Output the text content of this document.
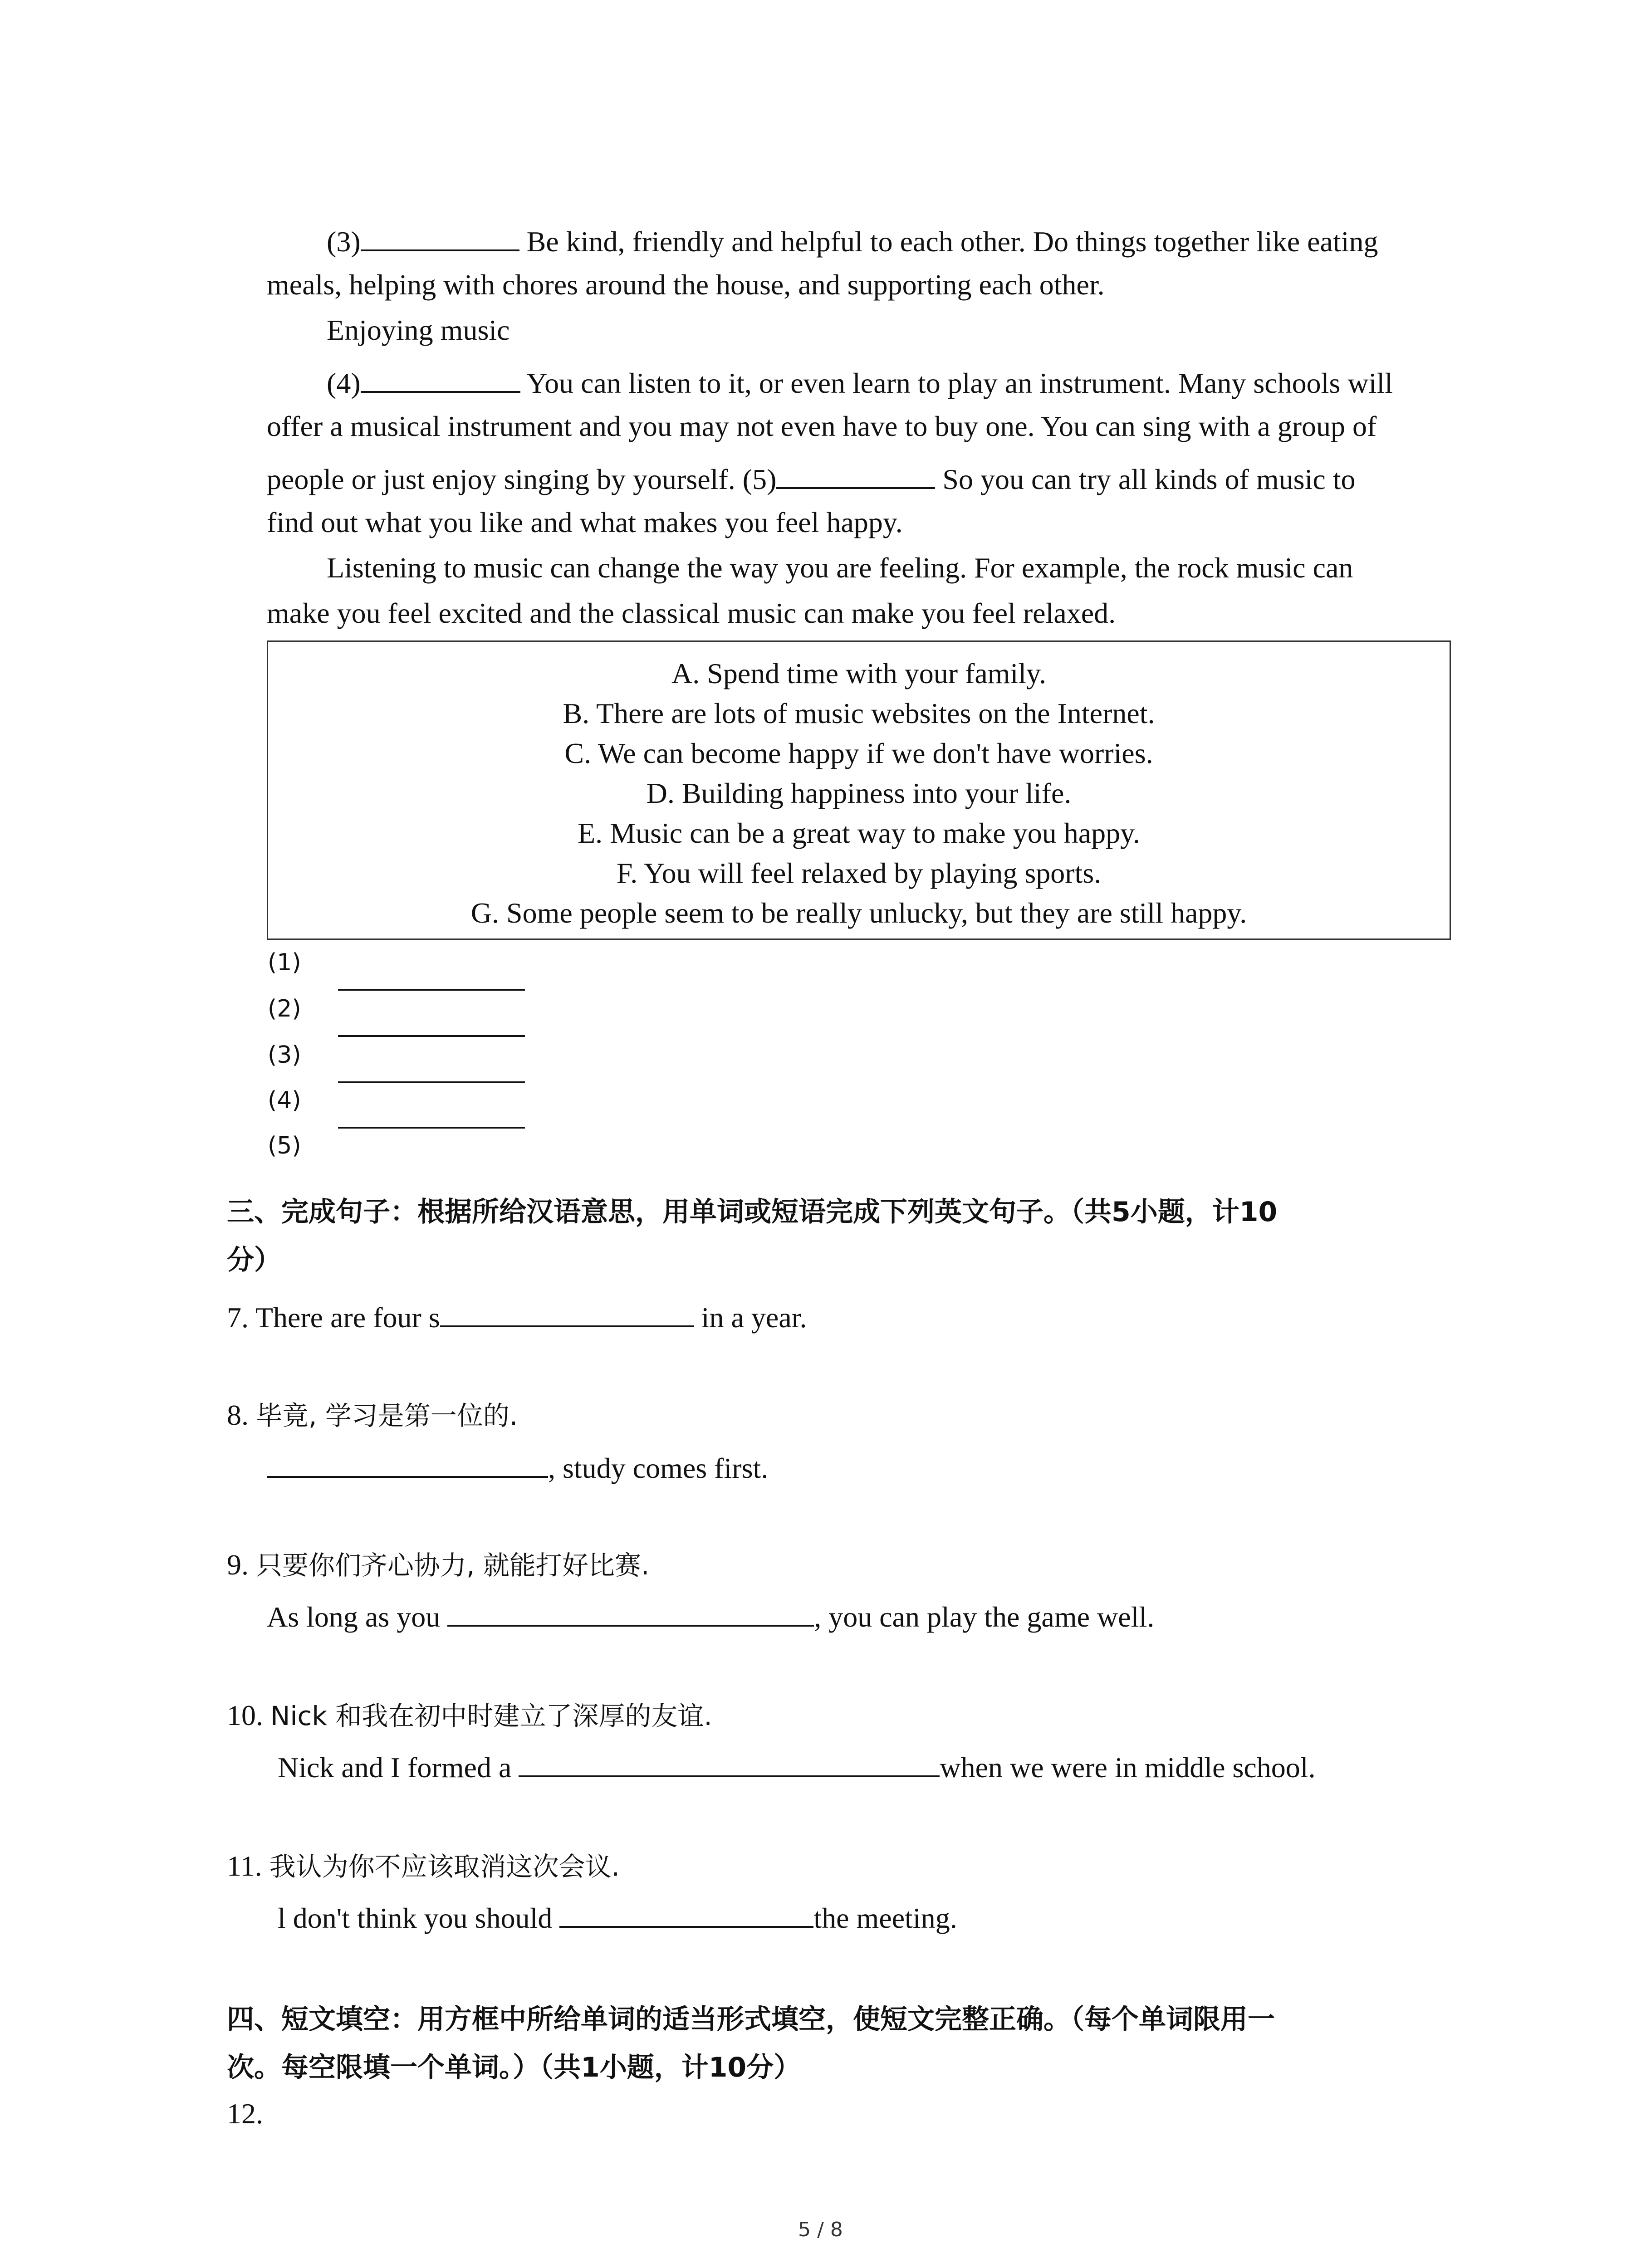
(3)	Be kind, friendly and helpful to each other. Do things together like eating
meals, helping with chores around the house, and supporting each other.
Enjoying music
(4)	You can listen to it, or even learn to play an instrument. Many schools will
offer a musical instrument and you may not even have to buy one. You can sing with a group of
people or just enjoy singing by yourself. (5)	So you can try all kinds of music to
find out what you like and what makes you feel happy.
Listening to music can change the way you are feeling. For example, the rock music can
make you feel excited and the classical music can make you feel relaxed.
A. Spend time with your family.
B. There are lots of music websites on the Internet.
C. We can become happy if we don't have worries.
D. Building happiness into your life.
E. Music can be a great way to make you happy.
F. You will feel relaxed by playing sports.
G. Some people seem to be really unlucky, but they are still happy.
(1)
(2)
(3)
(4)
(5)
三、完成句子：根据所给汉语意思，用单词或短语完成下列英文句子。（共5小题，计10
分）
7. There are four s	in a year.
8. 毕竟, 学习是第一位的.
, study comes first.
9. 只要你们齐心协力, 就能打好比赛.
As long as you	, you can play the game well.
10. Nick 和我在初中时建立了深厚的友谊.
Nick and I formed a	when we were in middle school.
11. 我认为你不应该取消这次会议.
l don't think you should	the meeting.
四、短文填空：用方框中所给单词的适当形式填空，使短文完整正确。（每个单词限用一
次。每空限填一个单词。）（共1小题，计10分）
12.
5 / 8
